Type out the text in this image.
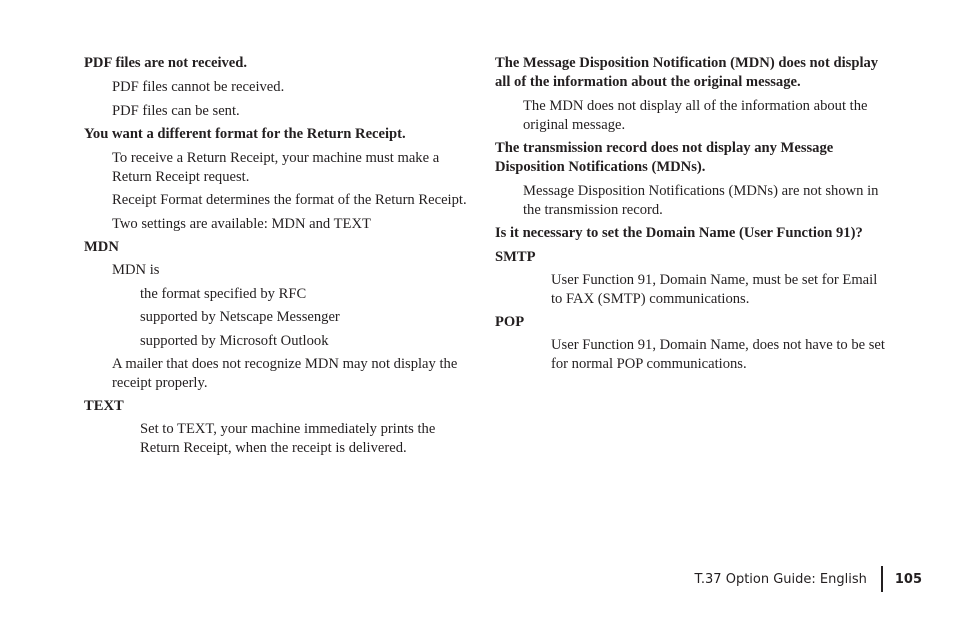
PDF files are not received.
PDF files cannot be received.
PDF files can be sent.
You want a different format for the Return Receipt.
To receive a Return Receipt, your machine must make a Return Receipt request.
Receipt Format determines the format of the Return Receipt.
Two settings are available: MDN and TEXT
MDN
MDN is
the format specified by RFC
supported by Netscape Messenger
supported by Microsoft Outlook
A mailer that does not recognize MDN may not display the receipt properly.
TEXT
Set to TEXT, your machine immediately prints the Return Receipt, when the receipt is delivered.
The Message Disposition Notification (MDN) does not display all of the information about the original message.
The MDN does not display all of the information about the original message.
The transmission record does not display any Message Disposition Notifications (MDNs).
Message Disposition Notifications (MDNs) are not shown in the transmission record.
Is it necessary to set the Domain Name (User Function 91)?
SMTP
User Function 91, Domain Name, must be set for Email to FAX (SMTP) communications.
POP
User Function 91, Domain Name, does not have to be set for normal POP communications.
T.37 Option Guide: English 105
